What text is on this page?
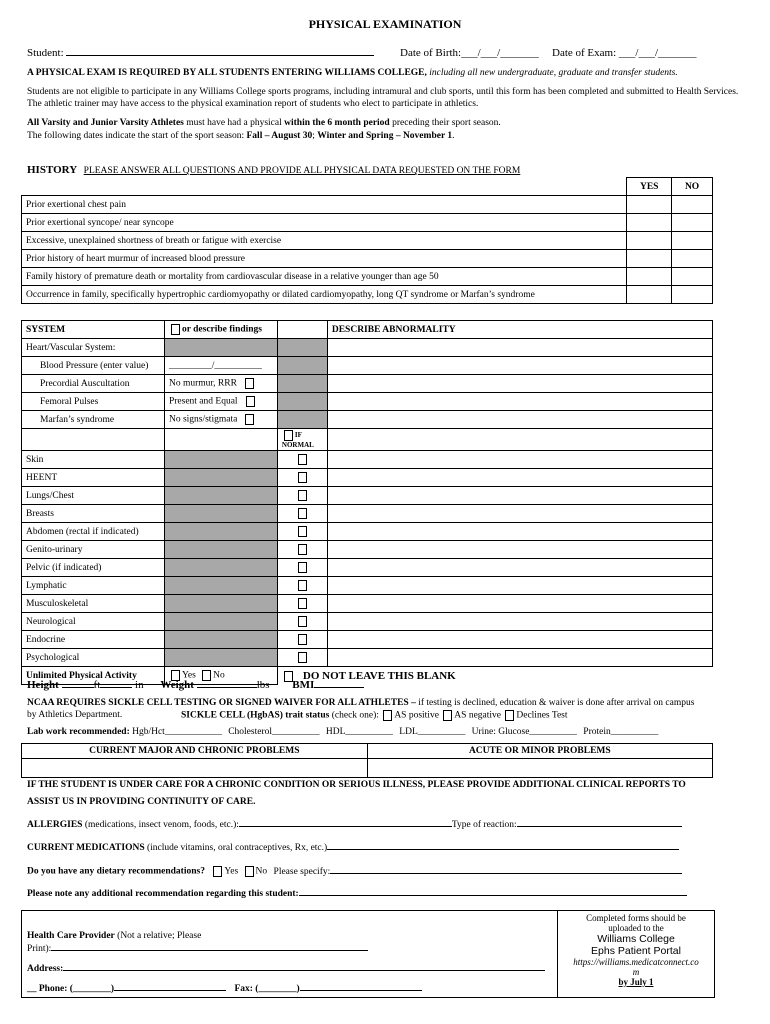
PHYSICAL EXAMINATION
Student:	Date of Birth:___/___/_______ Date of Exam: ___/___/_______
A PHYSICAL EXAM IS REQUIRED BY ALL STUDENTS ENTERING WILLIAMS COLLEGE, including all new undergraduate, graduate and transfer students.
Students are not eligible to participate in any Williams College sports programs, including intramural and club sports, until this form has been completed and submitted to Health Services. The athletic trainer may have access to the physical examination report of students who elect to participate in athletics.
All Varsity and Junior Varsity Athletes must have had a physical within the 6 month period preceding their sport season.
The following dates indicate the start of the sport season: Fall – August 30; Winter and Spring – November 1.
HISTORY PLEASE ANSWER ALL QUESTIONS AND PROVIDE ALL PHYSICAL DATA REQUESTED ON THE FORM
	YES	NO
Prior exertional chest pain		
Prior exertional syncope/ near syncope		
Excessive, unexplained shortness of breath or fatigue with exercise		
Prior history of heart murmur of increased blood pressure		
Family history of premature death or mortality from cardiovascular disease in a relative younger than age 50		
Occurrence in family, specifically hypertrophic cardiomyopathy or dilated cardiomyopathy, long QT syndrome or Marfan’s syndrome		
SYSTEM	or describe findings		DESCRIBE ABNORMALITY
Heart/Vascular System:			
Blood Pressure (enter value)	_________/__________		
Precordial Auscultation	No murmur, RRR		
Femoral Pulses	Present and Equal		
Marfan’s syndrome	No signs/stigmata		
		IF
NORMAL	
Skin			
HEENT			
Lungs/Chest			
Breasts			
Abdomen (rectal if indicated)			
Genito-urinary			
Pelvic (if indicated)			
Lymphatic			
Musculoskeletal			
Neurological			
Endocrine			
Psychological			
Unlimited Physical Activity	Yes No	DO NOT LEAVE THIS BLANK	
Height	ft	in Weight	lbs BMI
NCAA REQUIRES SICKLE CELL TESTING OR SIGNED WAIVER FOR ALL ATHLETES – if testing is declined, education & waiver is done after arrival on campus
by Athletics Department.	SICKLE CELL (HgbAS) trait status (check one): AS positive AS negative Declines Test
Lab work recommended: Hgb/Hct____________ Cholesterol__________ HDL__________ LDL__________ Urine: Glucose__________ Protein__________
CURRENT MAJOR AND CHRONIC PROBLEMS	ACUTE OR MINOR PROBLEMS

IF THE STUDENT IS UNDER CARE FOR A CHRONIC CONDITION OR SERIOUS ILLNESS, PLEASE PROVIDE ADDITIONAL CLINICAL REPORTS TO
ASSIST US IN PROVIDING CONTINUITY OF CARE.
ALLERGIES (medications, insect venom, foods, etc.):	Type of reaction:
CURRENT MEDICATIONS (include vitamins, oral contraceptives, Rx, etc.)
Do you have any dietary recommendations? Yes No Please specify:
Please note any additional recommendation regarding this student:
Health Care Provider (Not a relative; Please
Print):
Address:
__ Phone: (________)	Fax: (________)
Completed forms should be
uploaded to the
Williams College
Ephs Patient Portal
https://williams.medicatconnect.co
m
by July 1
